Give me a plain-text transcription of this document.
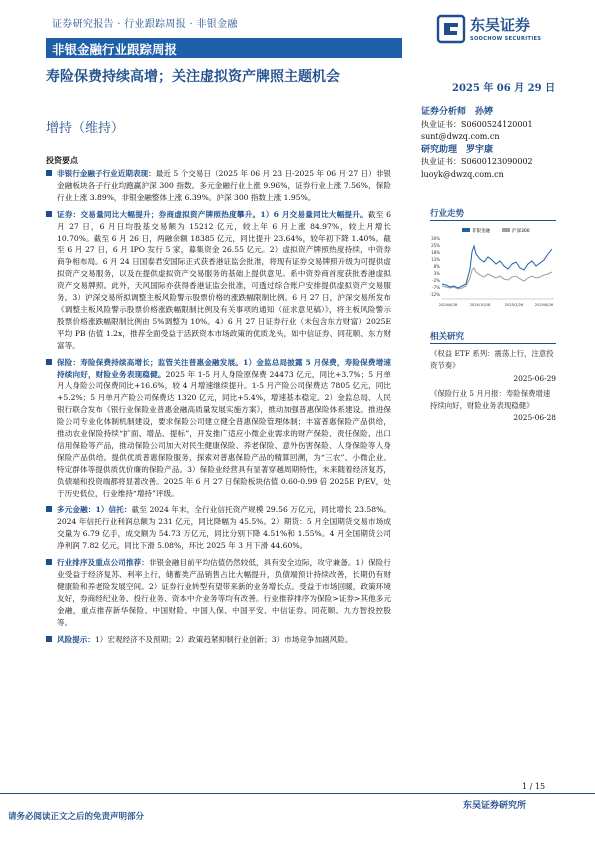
证券研究报告 · 行业跟踪周报 · 非银金融
非银金融行业跟踪周报
东吴证券
SOOCHOW SECURITIES
寿险保费持续高增；关注虚拟资产牌照主题机会
增持（维持）
2025 年 06 月 29 日
证券分析师　孙婷
执业证书：S0600524120001
sunt@dwzq.com.cn
研究助理　罗宇康
执业证书：S0600123090002
luoyk@dwzq.com.cn
投资要点
非银行金融子行业近期表现：最近 5 个交易日（2025 年 06 月 23 日-2025 年 06 月 27 日）非银金融板块各子行业均跑赢沪深 300 指数。多元金融行业上涨 9.96%，证券行业上涨 7.56%，保险行业上涨 3.89%，非银金融整体上涨 6.39%。沪深 300 指数上涨 1.95%。
证券：交易量同比大幅提升；券商虚拟资产牌照热度攀升。1）6 月交易量同比大幅提升。截至 6 月 27 日，6 月日均股基交易额为 15212 亿元，较上年 6 月上涨 84.97%，较上月增长 10.70%。截至 6 月 26 日，两融余额 18385 亿元，同比提升 23.64%，较年初下降 1.40%。截至 6 月 27 日，6 月 IPO 发行 5 家，募集资金 26.55 亿元。2）虚拟资产牌照热度持续，中资券商争相布局。6 月 24 日国泰君安国际正式获香港证监会批准，将现有证券交易牌照升级为可提供虚拟资产交易服务，以及在提供虚拟资产交易服务的基础上提供意见。系中资券商首度获批香港虚拟资产交易牌照。此外，天风国际亦获得香港证监会批准，可透过综合账户安排提供虚拟资产交易服务。3）沪深交易所拟调整主板风险警示股票价格的涨跌幅限制比例。6 月 27 日，沪深交易所发布《调整主板风险警示股票价格涨跌幅限制比例及有关事项的通知（征求意见稿）》，将主板风险警示股票价格涨跌幅限制比例由 5%调整为 10%。4）6 月 27 日证券行业（未包含东方财富）2025E 平均 PB 估值 1.2x，推荐全面受益于活跃资本市场政策的优质龙头，如中信证券、同花顺、东方财富等。
保险：寿险保费持续高增长；监管关注普惠金融发展。1）金监总局披露 5 月保费，寿险保费增速持续向好，财险业务表现稳健。2025 年 1-5 月人身险原保费 24473 亿元，同比+3.7%；5 月单月人身险公司保费同比+16.6%，较 4 月增速继续提升。1-5 月产险公司保费达 7805 亿元，同比+5.2%；5 月单月产险公司保费达 1320 亿元，同比+5.4%，增速基本稳定。2）金监总局、人民银行联合发布《银行业保险业普惠金融高质量发展实施方案》，推动加强普惠保险体系建设。推进保险公司专业化体制机制建设，要求保险公司建立健全普惠保险管理体制；丰富普惠保险产品供给，推动农业保险持续“扩面、增品、提标”，开发推广适应小微企业需求的财产保险、责任保险、出口信用保险等产品，推动保险公司加大对民生健康保险、养老保险、意外伤害保险、人身保险等人身保险产品供给。提供优质普惠保险服务，探索对普惠保险产品的精算回溯，为“三农”、小微企业、特定群体等提供质优价廉的保险产品。3）保险业经营具有显著穿越周期特性，未来随着经济复苏，负债端和投资端都将显著改善。2025 年 6 月 27 日保险板块估值 0.60-0.99 倍 2025E P/EV，处于历史低位，行业维持“增持”评级。
多元金融：1）信托：截至 2024 年末，全行业信托资产规模 29.56 万亿元，同比增长 23.58%。2024 年信托行业利润总额为 231 亿元，同比降幅为 45.5%。2）期货：5 月全国期货交易市场成交量为 6.79 亿手，成交额为 54.73 万亿元，同比分别下降 4.51%和 1.55%。4 月全国期货公司净利润 7.82 亿元，同比下滑 5.08%，环比 2025 年 3 月下滑 44.60%。
行业排序及重点公司推荐：非银金融目前平均估值仍然较低，具有安全边际，攻守兼备。1）保险行业受益于经济复苏、利率上行，储蓄类产品销售占比大幅提升，负债端预计持续改善，长期仍有财健康险和养老险发展空间。2）证券行业转型有望带来新的业务增长点。受益于市场回暖，政策环境友好，券商经纪业务、投行业务、资本中介业务等均有改善。行业推荐排序为保险>证券>其他多元金融，重点推荐新华保险、中国财险、中国人保、中国平安、中信证券、同花顺、九方智投控股等。
风险提示：1）宏观经济不及预期；2）政策趋紧抑制行业创新；3）市场竞争加剧风险。
行业走势
非银金融	沪深300
30%
25%
18%
13%
8%
3%
-2%
-7%
-12%
2024/6/28	2024/10/28	2025/2/26	2025/6/26
相关研究
《权益 ETF 系列：震荡上行，注意投资节奏》
2025-06-29
《保险行业 5 月月报：寿险保费增速持续向好，财险业务表现稳健》
2025-06-28
1 / 15
东吴证券研究所
请务必阅读正文之后的免责声明部分
